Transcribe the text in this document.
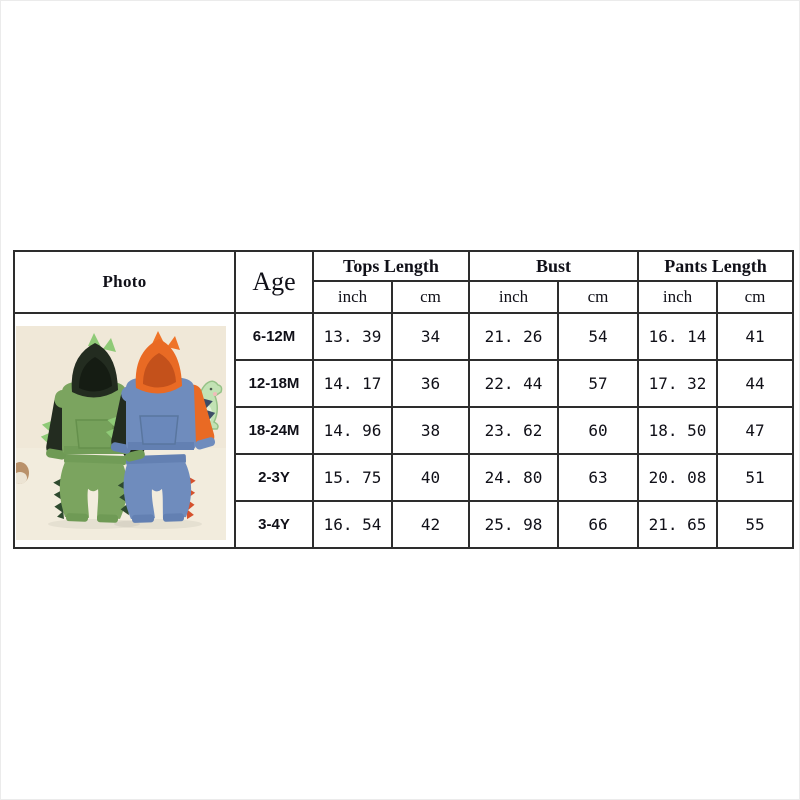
Photo	Age	Tops Length		Bust		Pants Length	
		inch	cm	inch	cm	inch	cm

	6-12M	13. 39	34	21. 26	54	16. 14	41
	12-18M	14. 17	36	22. 44	57	17. 32	44
	18-24M	14. 96	38	23. 62	60	18. 50	47
	2-3Y	15. 75	40	24. 80	63	20. 08	51
	3-4Y	16. 54	42	25. 98	66	21. 65	55
